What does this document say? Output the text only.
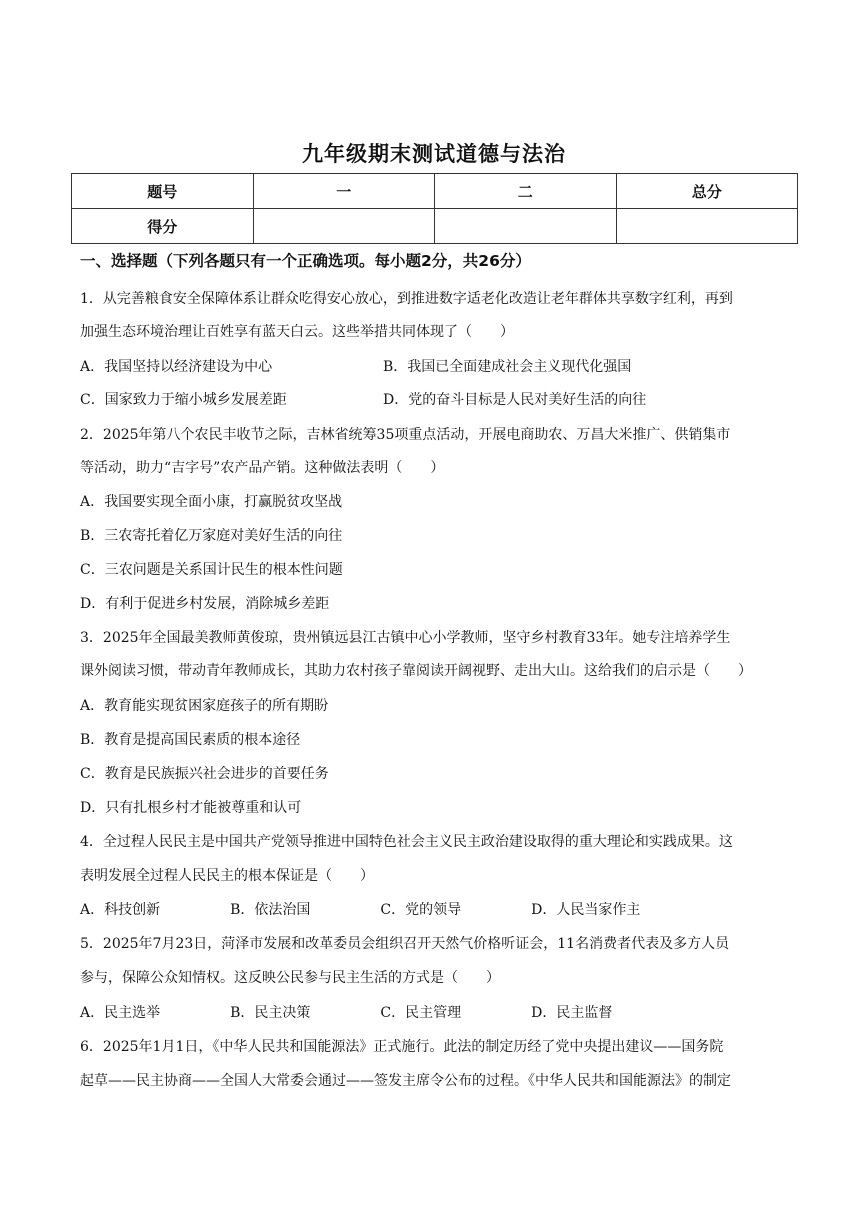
九年级期末测试道德与法治
题号	一	二	总分
得分			
一、选择题（下列各题只有一个正确选项。每小题2分，共26分）
1．从完善粮食安全保障体系让群众吃得安心放心，到推进数字适老化改造让老年群体共享数字红利，再到
加强生态环境治理让百姓享有蓝天白云。这些举措共同体现了（　　）
A．我国坚持以经济建设为中心	B．我国已全面建成社会主义现代化强国
C．国家致力于缩小城乡发展差距	D．党的奋斗目标是人民对美好生活的向往
2．2025年第八个农民丰收节之际，吉林省统筹35项重点活动，开展电商助农、万昌大米推广、供销集市
等活动，助力“吉字号”农产品产销。这种做法表明（　　）
A．我国要实现全面小康，打赢脱贫攻坚战
B．三农寄托着亿万家庭对美好生活的向往
C．三农问题是关系国计民生的根本性问题
D．有利于促进乡村发展，消除城乡差距
3．2025年全国最美教师黄俊琼，贵州镇远县江古镇中心小学教师，坚守乡村教育33年。她专注培养学生
课外阅读习惯，带动青年教师成长，其助力农村孩子靠阅读开阔视野、走出大山。这给我们的启示是（　　）
A．教育能实现贫困家庭孩子的所有期盼
B．教育是提高国民素质的根本途径
C．教育是民族振兴社会进步的首要任务
D．只有扎根乡村才能被尊重和认可
4．全过程人民民主是中国共产党领导推进中国特色社会主义民主政治建设取得的重大理论和实践成果。这
表明发展全过程人民民主的根本保证是（　　）
A．科技创新　　　　　B．依法治国　　　　　C．党的领导　　　　　D．人民当家作主
5．2025年7月23日，菏泽市发展和改革委员会组织召开天然气价格听证会，11名消费者代表及多方人员
参与，保障公众知情权。这反映公民参与民主生活的方式是（　　）
A．民主选举　　　　　B．民主决策　　　　　C．民主管理　　　　　D．民主监督
6．2025年1月1日，《中华人民共和国能源法》正式施行。此法的制定历经了党中央提出建议——国务院
起草——民主协商——全国人大常委会通过——签发主席令公布的过程。《中华人民共和国能源法》的制定
